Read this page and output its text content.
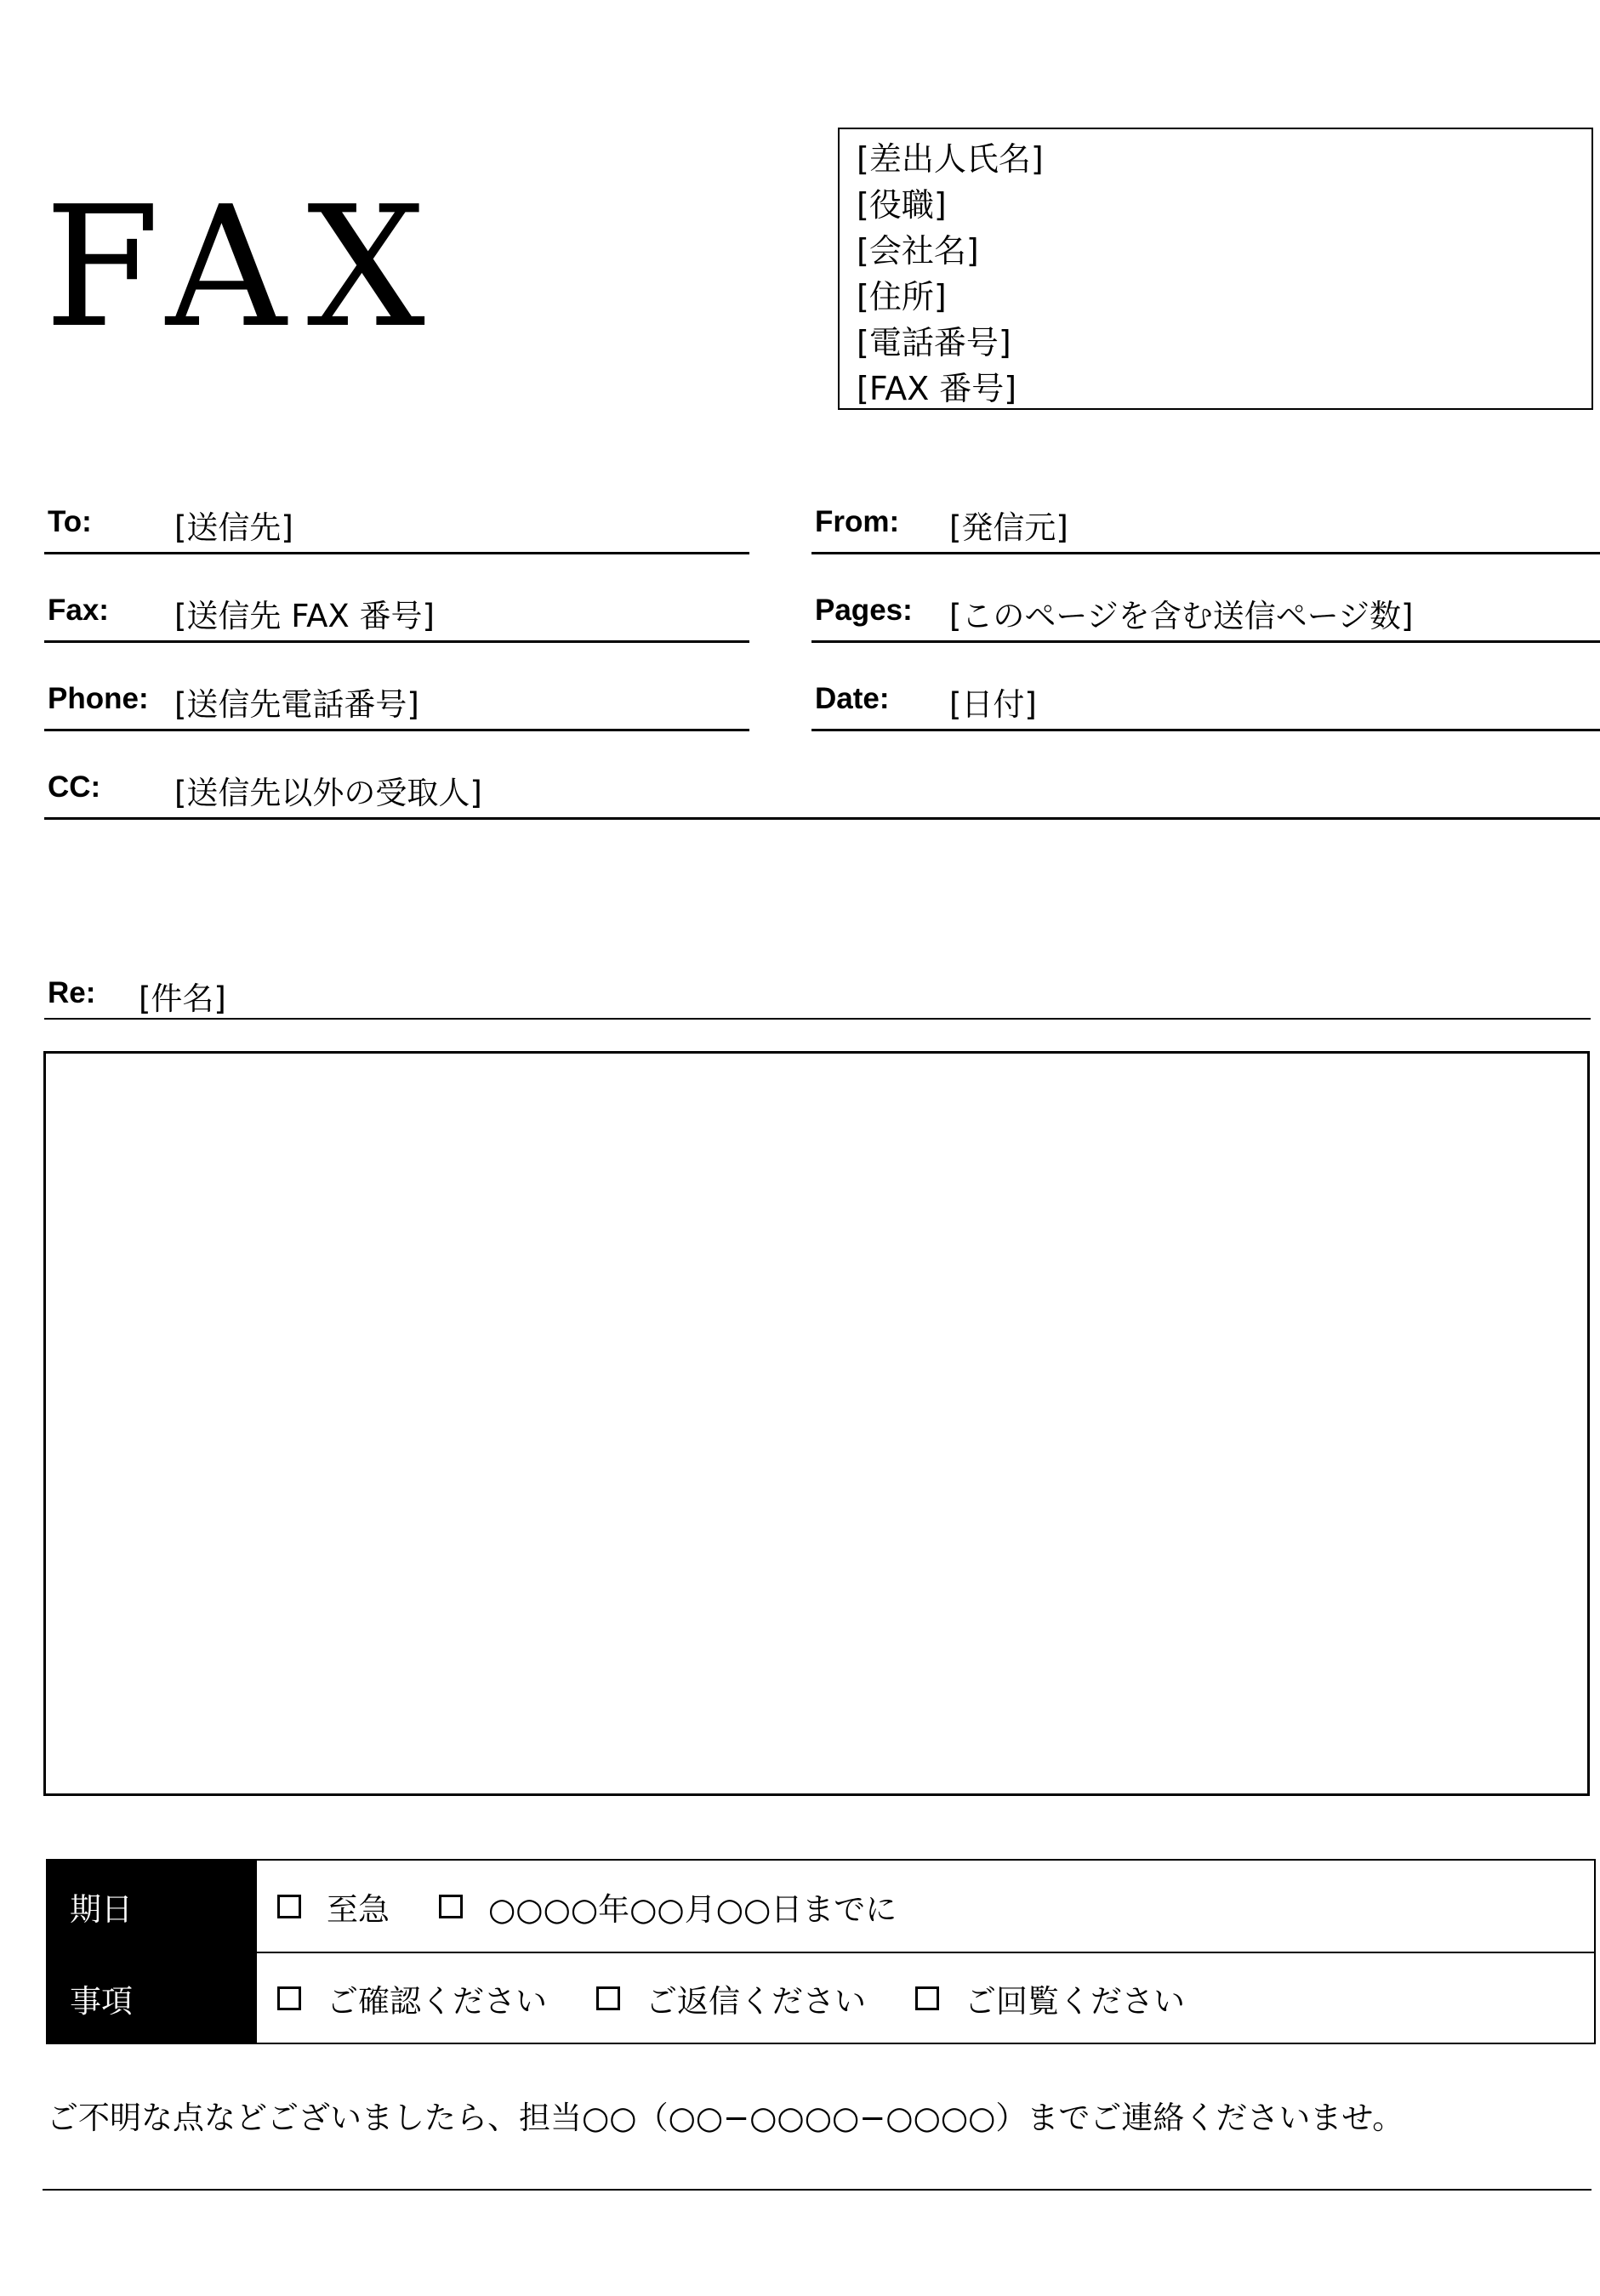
FAX
[差出人氏名]
[役職]
[会社名]
[住所]
[電話番号]
[FAX 番号]
To:	[送信先]	From: [発信元]
Fax: [送信先 FAX 番号]	Pages: [このページを含む送信ページ数]
Phone: [送信先電話番号]	Date: [日付]
CC: [送信先以外の受取人]
Re: [件名]
期日	至急	○○○○年○○月○○日までに
事項	ご確認ください	ご返信ください	ご回覧ください
ご不明な点などございましたら、担当○○（○○−○○○○−○○○○）までご連絡くださいませ。
